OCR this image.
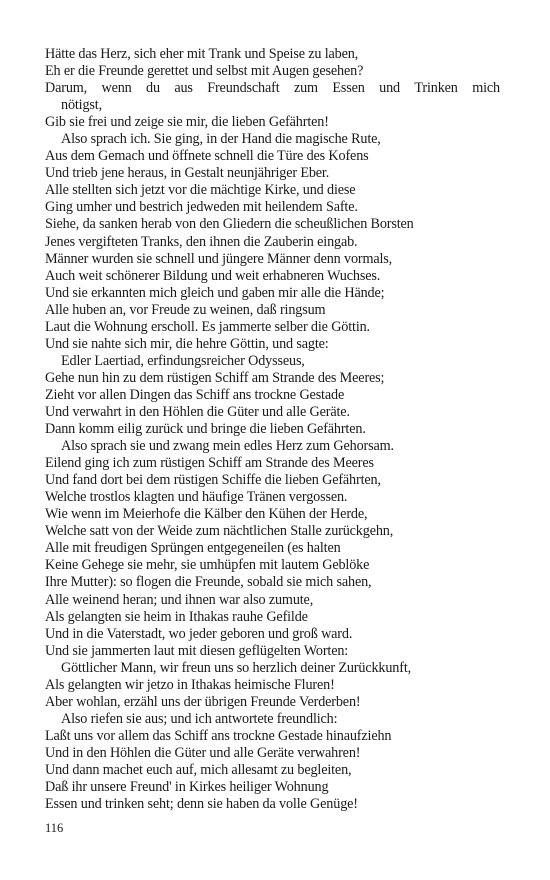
Hätte das Herz, sich eher mit Trank und Speise zu laben,
Eh er die Freunde gerettet und selbst mit Augen gesehen?
Darum, wenn du aus Freundschaft zum Essen und Trinken mich
nötigst,
Gib sie frei und zeige sie mir, die lieben Gefährten!
Also sprach ich. Sie ging, in der Hand die magische Rute,
Aus dem Gemach und öffnete schnell die Türe des Kofens
Und trieb jene heraus, in Gestalt neunjähriger Eber.
Alle stellten sich jetzt vor die mächtige Kirke, und diese
Ging umher und bestrich jedweden mit heilendem Safte.
Siehe, da sanken herab von den Gliedern die scheußlichen Borsten
Jenes vergifteten Tranks, den ihnen die Zauberin eingab.
Männer wurden sie schnell und jüngere Männer denn vormals,
Auch weit schönerer Bildung und weit erhabneren Wuchses.
Und sie erkannten mich gleich und gaben mir alle die Hände;
Alle huben an, vor Freude zu weinen, daß ringsum
Laut die Wohnung erscholl. Es jammerte selber die Göttin.
Und sie nahte sich mir, die hehre Göttin, und sagte:
Edler Laertiad, erfindungsreicher Odysseus,
Gehe nun hin zu dem rüstigen Schiff am Strande des Meeres;
Zieht vor allen Dingen das Schiff ans trockne Gestade
Und verwahrt in den Höhlen die Güter und alle Geräte.
Dann komm eilig zurück und bringe die lieben Gefährten.
Also sprach sie und zwang mein edles Herz zum Gehorsam.
Eilend ging ich zum rüstigen Schiff am Strande des Meeres
Und fand dort bei dem rüstigen Schiffe die lieben Gefährten,
Welche trostlos klagten und häufige Tränen vergossen.
Wie wenn im Meierhofe die Kälber den Kühen der Herde,
Welche satt von der Weide zum nächtlichen Stalle zurückgehn,
Alle mit freudigen Sprüngen entgegeneilen (es halten
Keine Gehege sie mehr, sie umhüpfen mit lautem Geblöke
Ihre Mutter): so flogen die Freunde, sobald sie mich sahen,
Alle weinend heran; und ihnen war also zumute,
Als gelangten sie heim in Ithakas rauhe Gefilde
Und in die Vaterstadt, wo jeder geboren und groß ward.
Und sie jammerten laut mit diesen geflügelten Worten:
Göttlicher Mann, wir freun uns so herzlich deiner Zurückkunft,
Als gelangten wir jetzo in Ithakas heimische Fluren!
Aber wohlan, erzähl uns der übrigen Freunde Verderben!
Also riefen sie aus; und ich antwortete freundlich:
Laßt uns vor allem das Schiff ans trockne Gestade hinaufziehn
Und in den Höhlen die Güter und alle Geräte verwahren!
Und dann machet euch auf, mich allesamt zu begleiten,
Daß ihr unsere Freund' in Kirkes heiliger Wohnung
Essen und trinken seht; denn sie haben da volle Genüge!
116
